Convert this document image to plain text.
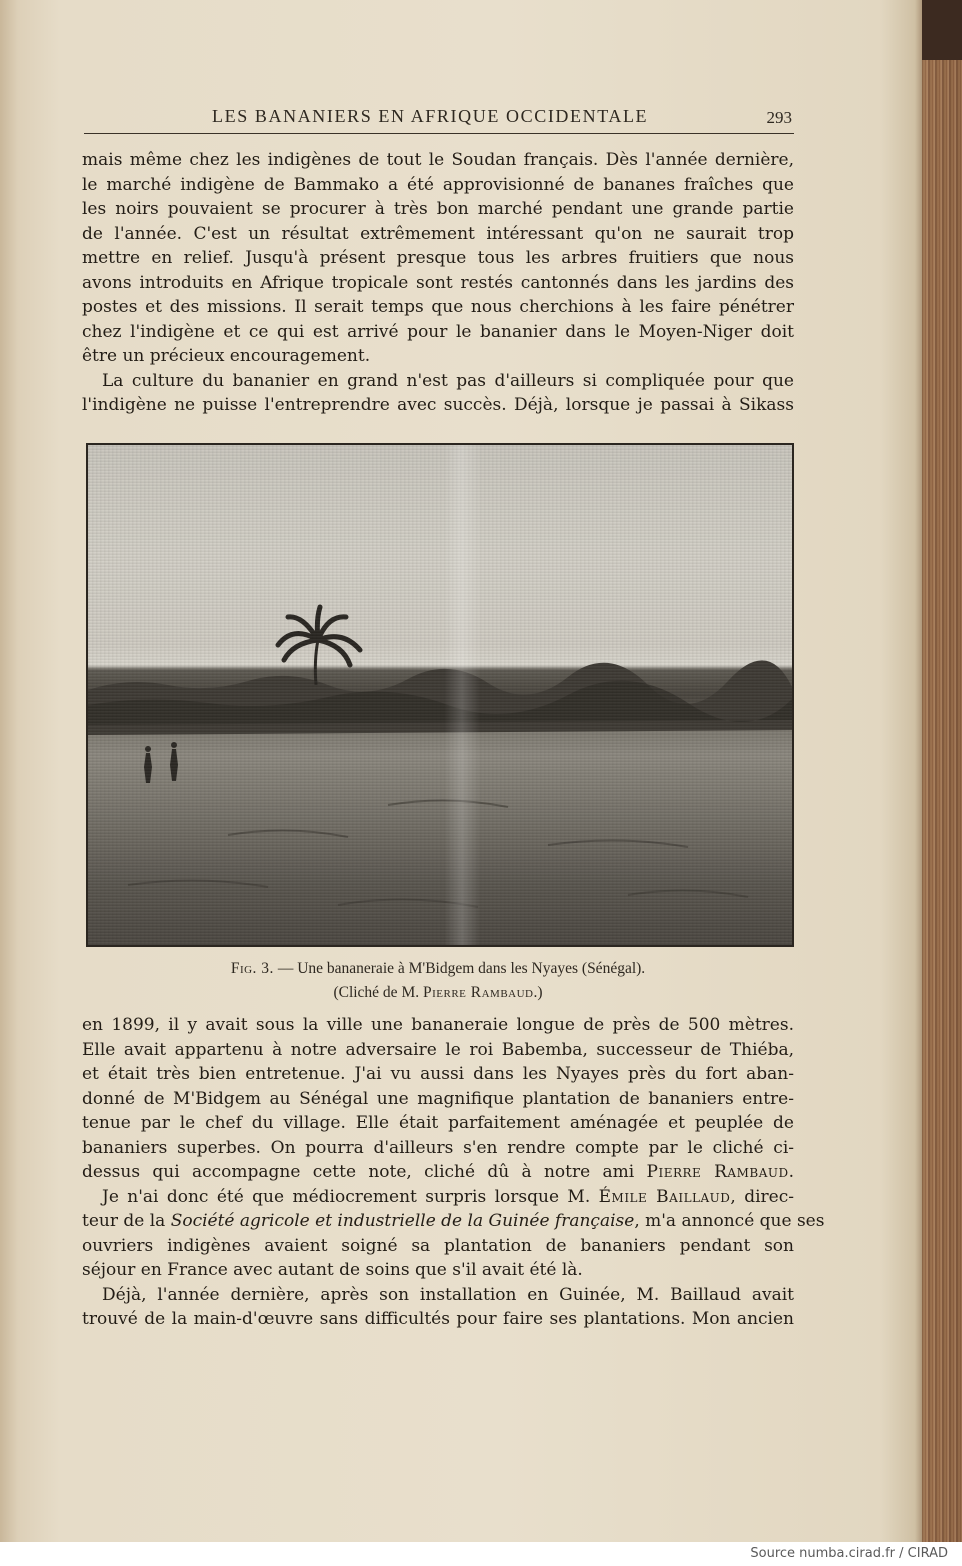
LES BANANIERS EN AFRIQUE OCCIDENTALE	293
mais même chez les indigènes de tout le Soudan français. Dès l'année dernière,
le marché indigène de Bammako a été approvisionné de bananes fraîches que
les noirs pouvaient se procurer à très bon marché pendant une grande partie
de l'année. C'est un résultat extrêmement intéressant qu'on ne saurait trop
mettre en relief. Jusqu'à présent presque tous les arbres fruitiers que nous
avons introduits en Afrique tropicale sont restés cantonnés dans les jardins des
postes et des missions. Il serait temps que nous cherchions à les faire pénétrer
chez l'indigène et ce qui est arrivé pour le bananier dans le Moyen-Niger doit
être un précieux encouragement.
La culture du bananier en grand n'est pas d'ailleurs si compliquée pour que
l'indigène ne puisse l'entreprendre avec succès. Déjà, lorsque je passai à Sikass
Fig. 3. — Une bananeraie à M'Bidgem dans les Nyayes (Sénégal).
(Cliché de M. Pierre Rambaud.)
en 1899, il y avait sous la ville une bananeraie longue de près de 500 mètres.
Elle avait appartenu à notre adversaire le roi Babemba, successeur de Thiéba,
et était très bien entretenue. J'ai vu aussi dans les Nyayes près du fort aban-
donné de M'Bidgem au Sénégal une magnifique plantation de bananiers entre-
tenue par le chef du village. Elle était parfaitement aménagée et peuplée de
bananiers superbes. On pourra d'ailleurs s'en rendre compte par le cliché ci-
dessus qui accompagne cette note, cliché dû à notre ami Pierre Rambaud.
Je n'ai donc été que médiocrement surpris lorsque M. Émile Baillaud, direc-
teur de la Société agricole et industrielle de la Guinée française, m'a annoncé que ses
ouvriers indigènes avaient soigné sa plantation de bananiers pendant son
séjour en France avec autant de soins que s'il avait été là.
Déjà, l'année dernière, après son installation en Guinée, M. Baillaud avait
trouvé de la main-d'œuvre sans difficultés pour faire ses plantations. Mon ancien
Source numba.cirad.fr / CIRAD
